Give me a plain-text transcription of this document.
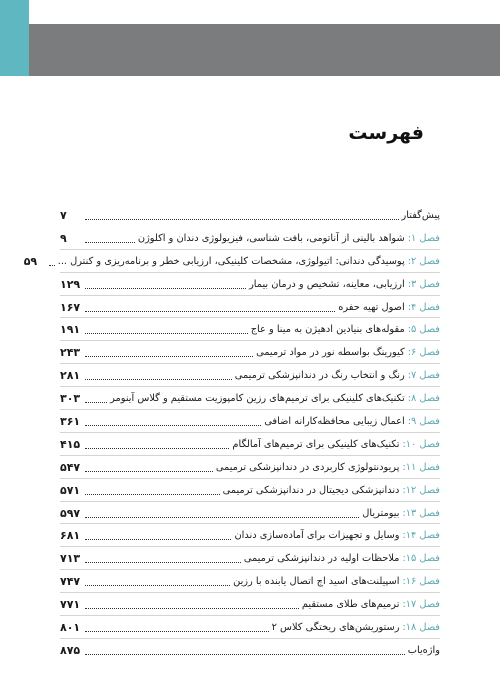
فهرست
پیش‌گفتار
۷
فصل ۱:شواهد بالینی از آناتومی، بافت شناسی، فیزیولوژی دندان و اکلوژن
۹
فصل ۲:پوسیدگی دندانی: اتیولوژی، مشخصات کلینیکی، ارزیابی خطر و برنامه‌ریزی و کنترل ...
۵۹
فصل ۳:ارزیابی، معاینه، تشخیص و درمان بیمار
۱۲۹
فصل ۴:اصول تهیه حفره
۱۶۷
فصل ۵:مقوله‌های بنیادین ادهیژن به مینا و عاج
۱۹۱
فصل ۶:کیورینگ بواسطه نور در مواد ترمیمی
۲۴۳
فصل ۷:رنگ و انتخاب رنگ در دندانپزشکی ترمیمی
۲۸۱
فصل ۸:تکنیک‌های کلینیکی برای ترمیم‌های رزین کامپوزیت مستقیم و گلاس آینومر
۳۰۳
فصل ۹:اعمال زیبایی محافظه‌کارانه اضافی
۳۶۱
فصل ۱۰:تکنیک‌های کلینیکی برای ترمیم‌های آمالگام
۴۱۵
فصل ۱۱:پریودنتولوژی کاربردی در دندانپزشکی ترمیمی
۵۴۷
فصل ۱۲:دندانپزشکی دیجیتال در دندانپزشکی ترمیمی
۵۷۱
فصل ۱۳:بیومتریال
۵۹۷
فصل ۱۴:وسایل و تجهیزات برای آماده‌سازی دندان
۶۸۱
فصل ۱۵:ملاحظات اولیه در دندانپزشکی ترمیمی
۷۱۳
فصل ۱۶:اسپیلنت‌های اسید اچ اتصال یابنده با رزین
۷۴۷
فصل ۱۷:ترمیم‌های طلای مستقیم
۷۷۱
فصل ۱۸:رستوریشن‌های ریختگی کلاس ۲
۸۰۱
واژه‌یاب
۸۷۵
